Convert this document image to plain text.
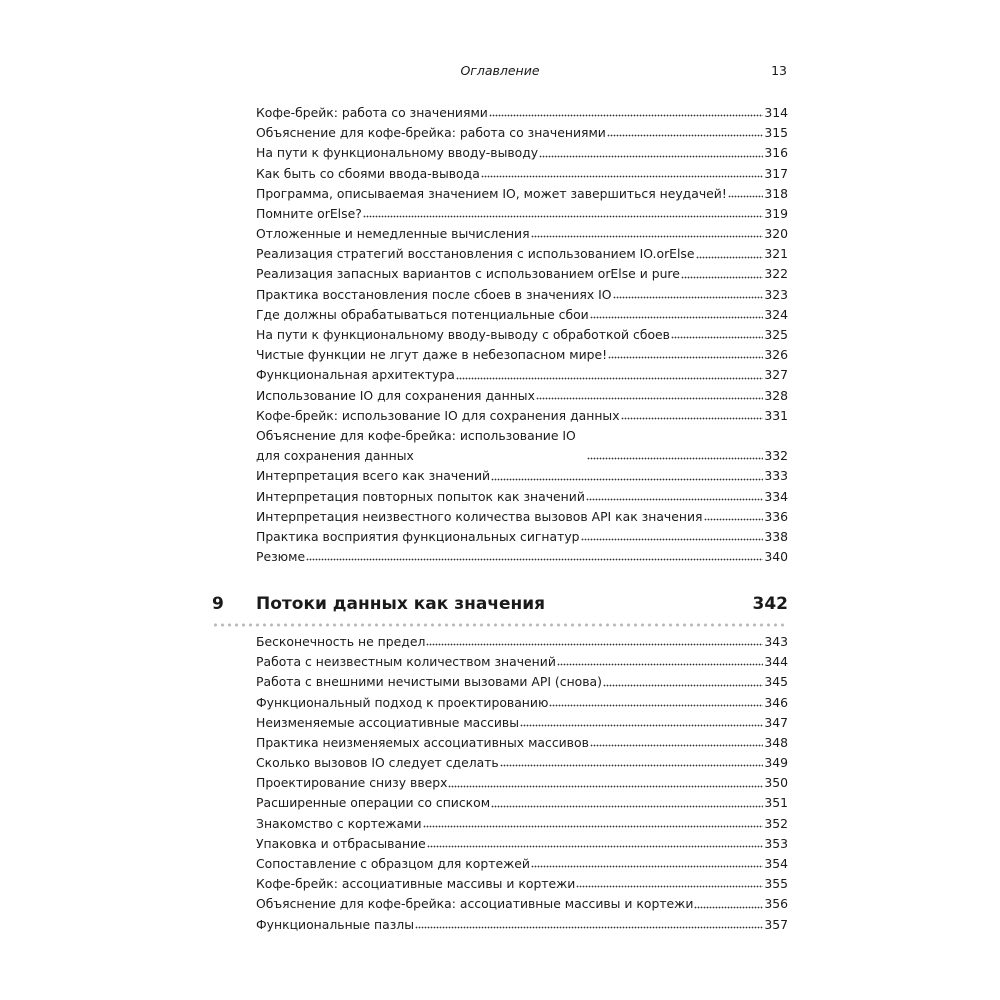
Оглавление	13
Кофе-брейк: работа со значениями	314
Объяснение для кофе-брейка: работа со значениями	315
На пути к функциональному вводу-выводу	316
Как быть со сбоями ввода-вывода	317
Программа, описываемая значением IO, может завершиться неудачей!	318
Помните orElse?	319
Отложенные и немедленные вычисления	320
Реализация стратегий восстановления с использованием IO.orElse	321
Реализация запасных вариантов с использованием orElse и pure	322
Практика восстановления после сбоев в значениях IO	323
Где должны обрабатываться потенциальные сбои	324
На пути к функциональному вводу-выводу с обработкой сбоев	325
Чистые функции не лгут даже в небезопасном мире!	326
Функциональная архитектура	327
Использование IO для сохранения данных	328
Кофе-брейк: использование IO для сохранения данных	331
Объяснение для кофе-брейка: использование IO для сохранения данных	332
Интерпретация всего как значений	333
Интерпретация повторных попыток как значений	334
Интерпретация неизвестного количества вызовов API как значения	336
Практика восприятия функциональных сигнатур	338
Резюме	340
9 Потоки данных как значения	342
Бесконечность не предел	343
Работа с неизвестным количеством значений	344
Работа с внешними нечистыми вызовами API (снова)	345
Функциональный подход к проектированию	346
Неизменяемые ассоциативные массивы	347
Практика неизменяемых ассоциативных массивов	348
Сколько вызовов IO следует сделать	349
Проектирование снизу вверх	350
Расширенные операции со списком	351
Знакомство с кортежами	352
Упаковка и отбрасывание	353
Сопоставление с образцом для кортежей	354
Кофе-брейк: ассоциативные массивы и кортежи	355
Объяснение для кофе-брейка: ассоциативные массивы и кортежи	356
Функциональные пазлы	357
